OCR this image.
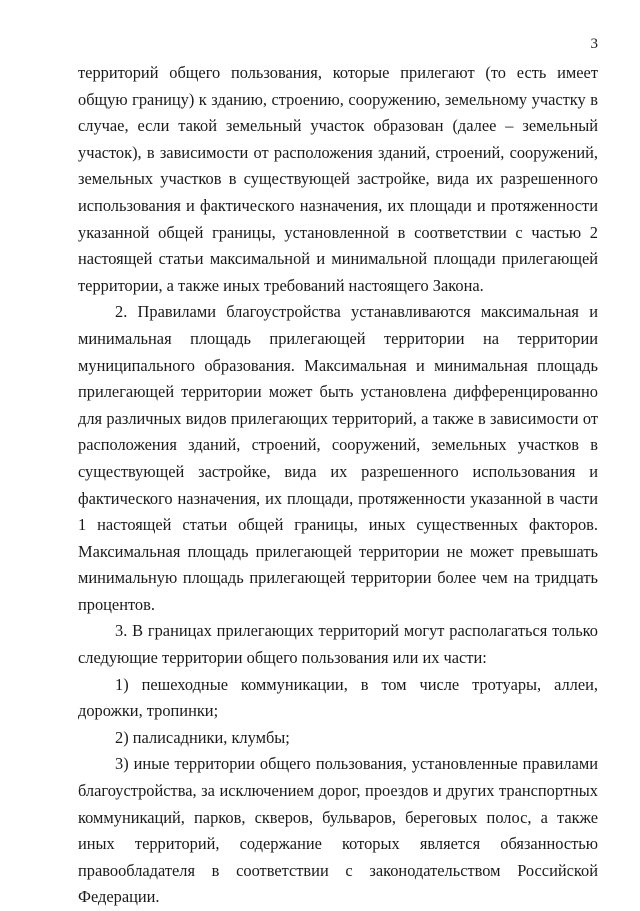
3

территорий общего пользования, которые прилегают (то есть имеет общую границу) к зданию, строению, сооружению, земельному участку в случае, если такой земельный участок образован (далее – земельный участок), в зависимости от расположения зданий, строений, сооружений, земельных участков в существующей застройке, вида их разрешенного использования и фактического назначения, их площади и протяженности указанной общей границы, установленной в соответствии с частью 2 настоящей статьи максимальной и минимальной площади прилегающей территории, а также иных требований настоящего Закона.

2. Правилами благоустройства устанавливаются максимальная и минимальная площадь прилегающей территории на территории муниципального образования. Максимальная и минимальная площадь прилегающей территории может быть установлена дифференцированно для различных видов прилегающих территорий, а также в зависимости от расположения зданий, строений, сооружений, земельных участков в существующей застройке, вида их разрешенного использования и фактического назначения, их площади, протяженности указанной в части 1 настоящей статьи общей границы, иных существенных факторов. Максимальная площадь прилегающей территории не может превышать минимальную площадь прилегающей территории более чем на тридцать процентов.

3. В границах прилегающих территорий могут располагаться только следующие территории общего пользования или их части:

1) пешеходные коммуникации, в том числе тротуары, аллеи, дорожки, тропинки;

2) палисадники, клумбы;

3) иные территории общего пользования, установленные правилами благоустройства, за исключением дорог, проездов и других транспортных коммуникаций, парков, скверов, бульваров, береговых полос, а также иных территорий, содержание которых является обязанностью правообладателя в соответствии с законодательством Российской Федерации.
